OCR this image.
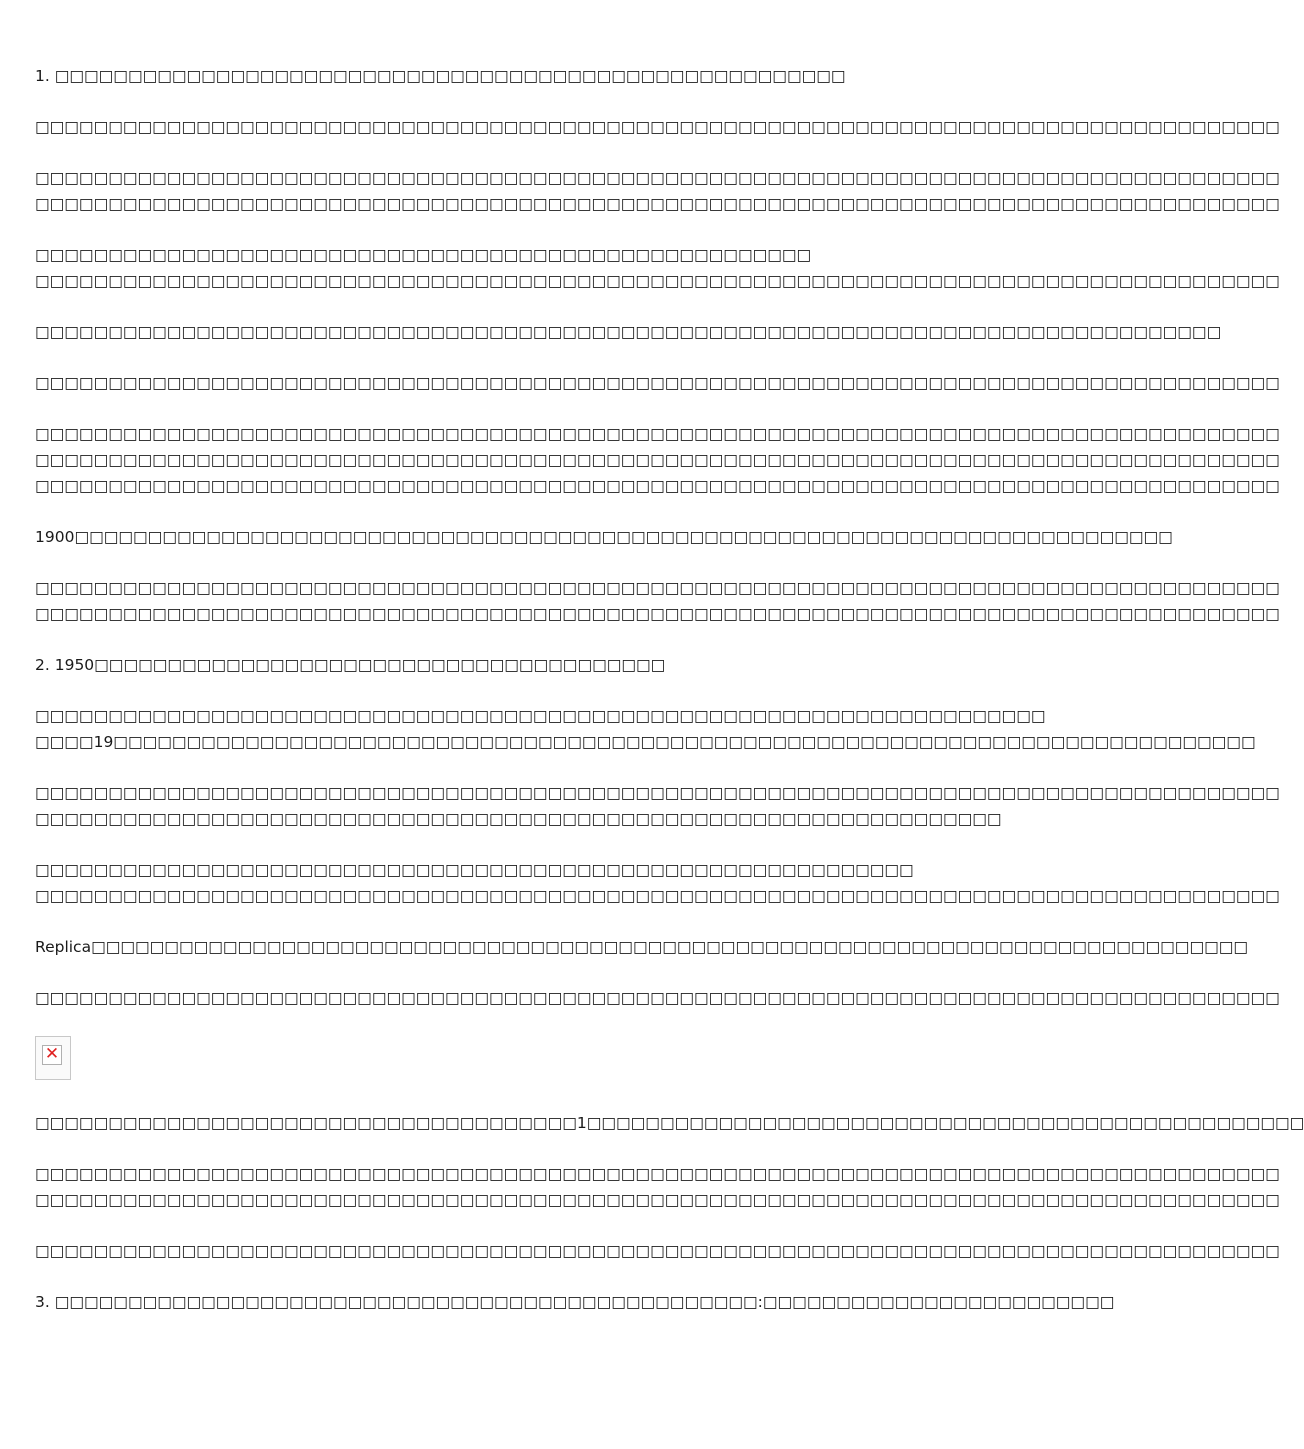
1. □□□□□□□□□□□□□□□□□□□□□□□□□□□□□□□□□□□□□□□□□□□□□□□□□□□□□□
□□□□□□□□□□□□□□□□□□□□□□□□□□□□□□□□□□□□□□□□□□□□□□□□□□□□□□□□□□□□□□□□□□□□□□□□□□□□□□□□□□□□□
□□□□□□□□□□□□□□□□□□□□□□□□□□□□□□□□□□□□□□□□□□□□□□□□□□□□□□□□□□□□□□□□□□□□□□□□□□□□□□□□□□□□□
□□□□□□□□□□□□□□□□□□□□□□□□□□□□□□□□□□□□□□□□□□□□□□□□□□□□□□□□□□□□□□□□□□□□□□□□□□□□□□□□□□□□□
□□□□□□□□□□□□□□□□□□□□□□□□□□□□□□□□□□□□□□□□□□□□□□□□□□□□□
□□□□□□□□□□□□□□□□□□□□□□□□□□□□□□□□□□□□□□□□□□□□□□□□□□□□□□□□□□□□□□□□□□□□□□□□□□□□□□□□□□□□□
□□□□□□□□□□□□□□□□□□□□□□□□□□□□□□□□□□□□□□□□□□□□□□□□□□□□□□□□□□□□□□□□□□□□□□□□□□□□□□□□□
□□□□□□□□□□□□□□□□□□□□□□□□□□□□□□□□□□□□□□□□□□□□□□□□□□□□□□□□□□□□□□□□□□□□□□□□□□□□□□□□□□□□□
□□□□□□□□□□□□□□□□□□□□□□□□□□□□□□□□□□□□□□□□□□□□□□□□□□□□□□□□□□□□□□□□□□□□□□□□□□□□□□□□□□□□□
□□□□□□□□□□□□□□□□□□□□□□□□□□□□□□□□□□□□□□□□□□□□□□□□□□□□□□□□□□□□□□□□□□□□□□□□□□□□□□□□□□□□□
□□□□□□□□□□□□□□□□□□□□□□□□□□□□□□□□□□□□□□□□□□□□□□□□□□□□□□□□□□□□□□□□□□□□□□□□□□□□□□□□□□□□□
1900□□□□□□□□□□□□□□□□□□□□□□□□□□□□□□□□□□□□□□□□□□□□□□□□□□□□□□□□□□□□□□□□□□□□□□□□□□□
□□□□□□□□□□□□□□□□□□□□□□□□□□□□□□□□□□□□□□□□□□□□□□□□□□□□□□□□□□□□□□□□□□□□□□□□□□□□□□□□□□□□□
□□□□□□□□□□□□□□□□□□□□□□□□□□□□□□□□□□□□□□□□□□□□□□□□□□□□□□□□□□□□□□□□□□□□□□□□□□□□□□□□□□□□□
2. 1950□□□□□□□□□□□□□□□□□□□□□□□□□□□□□□□□□□□□□□□
□□□□□□□□□□□□□□□□□□□□□□□□□□□□□□□□□□□□□□□□□□□□□□□□□□□□□□□□□□□□□□□□□□□□□
□□□□19□□□□□□□□□□□□□□□□□□□□□□□□□□□□□□□□□□□□□□□□□□□□□□□□□□□□□□□□□□□□□□□□□□□□□□□□□□□□□□
□□□□□□□□□□□□□□□□□□□□□□□□□□□□□□□□□□□□□□□□□□□□□□□□□□□□□□□□□□□□□□□□□□□□□□□□□□□□□□□□□□□□□
□□□□□□□□□□□□□□□□□□□□□□□□□□□□□□□□□□□□□□□□□□□□□□□□□□□□□□□□□□□□□□□□□□
□□□□□□□□□□□□□□□□□□□□□□□□□□□□□□□□□□□□□□□□□□□□□□□□□□□□□□□□□□□□
□□□□□□□□□□□□□□□□□□□□□□□□□□□□□□□□□□□□□□□□□□□□□□□□□□□□□□□□□□□□□□□□□□□□□□□□□□□□□□□□□□□□□
Replica□□□□□□□□□□□□□□□□□□□□□□□□□□□□□□□□□□□□□□□□□□□□□□□□□□□□□□□□□□□□□□□□□□□□□□□□□□□□□□□
□□□□□□□□□□□□□□□□□□□□□□□□□□□□□□□□□□□□□□□□□□□□□□□□□□□□□□□□□□□□□□□□□□□□□□□□□□□□□□□□□□□□□
✕
□□□□□□□□□□□□□□□□□□□□□□□□□□□□□□□□□□□□□1□□□□□□□□□□□□□□□□□□□□□□□□□□□□□□□□□□□□□□□□□□□□□□□□□
□□□□□□□□□□□□□□□□□□□□□□□□□□□□□□□□□□□□□□□□□□□□□□□□□□□□□□□□□□□□□□□□□□□□□□□□□□□□□□□□□□□□□
□□□□□□□□□□□□□□□□□□□□□□□□□□□□□□□□□□□□□□□□□□□□□□□□□□□□□□□□□□□□□□□□□□□□□□□□□□□□□□□□□□□□□
□□□□□□□□□□□□□□□□□□□□□□□□□□□□□□□□□□□□□□□□□□□□□□□□□□□□□□□□□□□□□□□□□□□□□□□□□□□□□□□□□□□□□
3. □□□□□□□□□□□□□□□□□□□□□□□□□□□□□□□□□□□□□□□□□□□□□□□□:□□□□□□□□□□□□□□□□□□□□□□□□
